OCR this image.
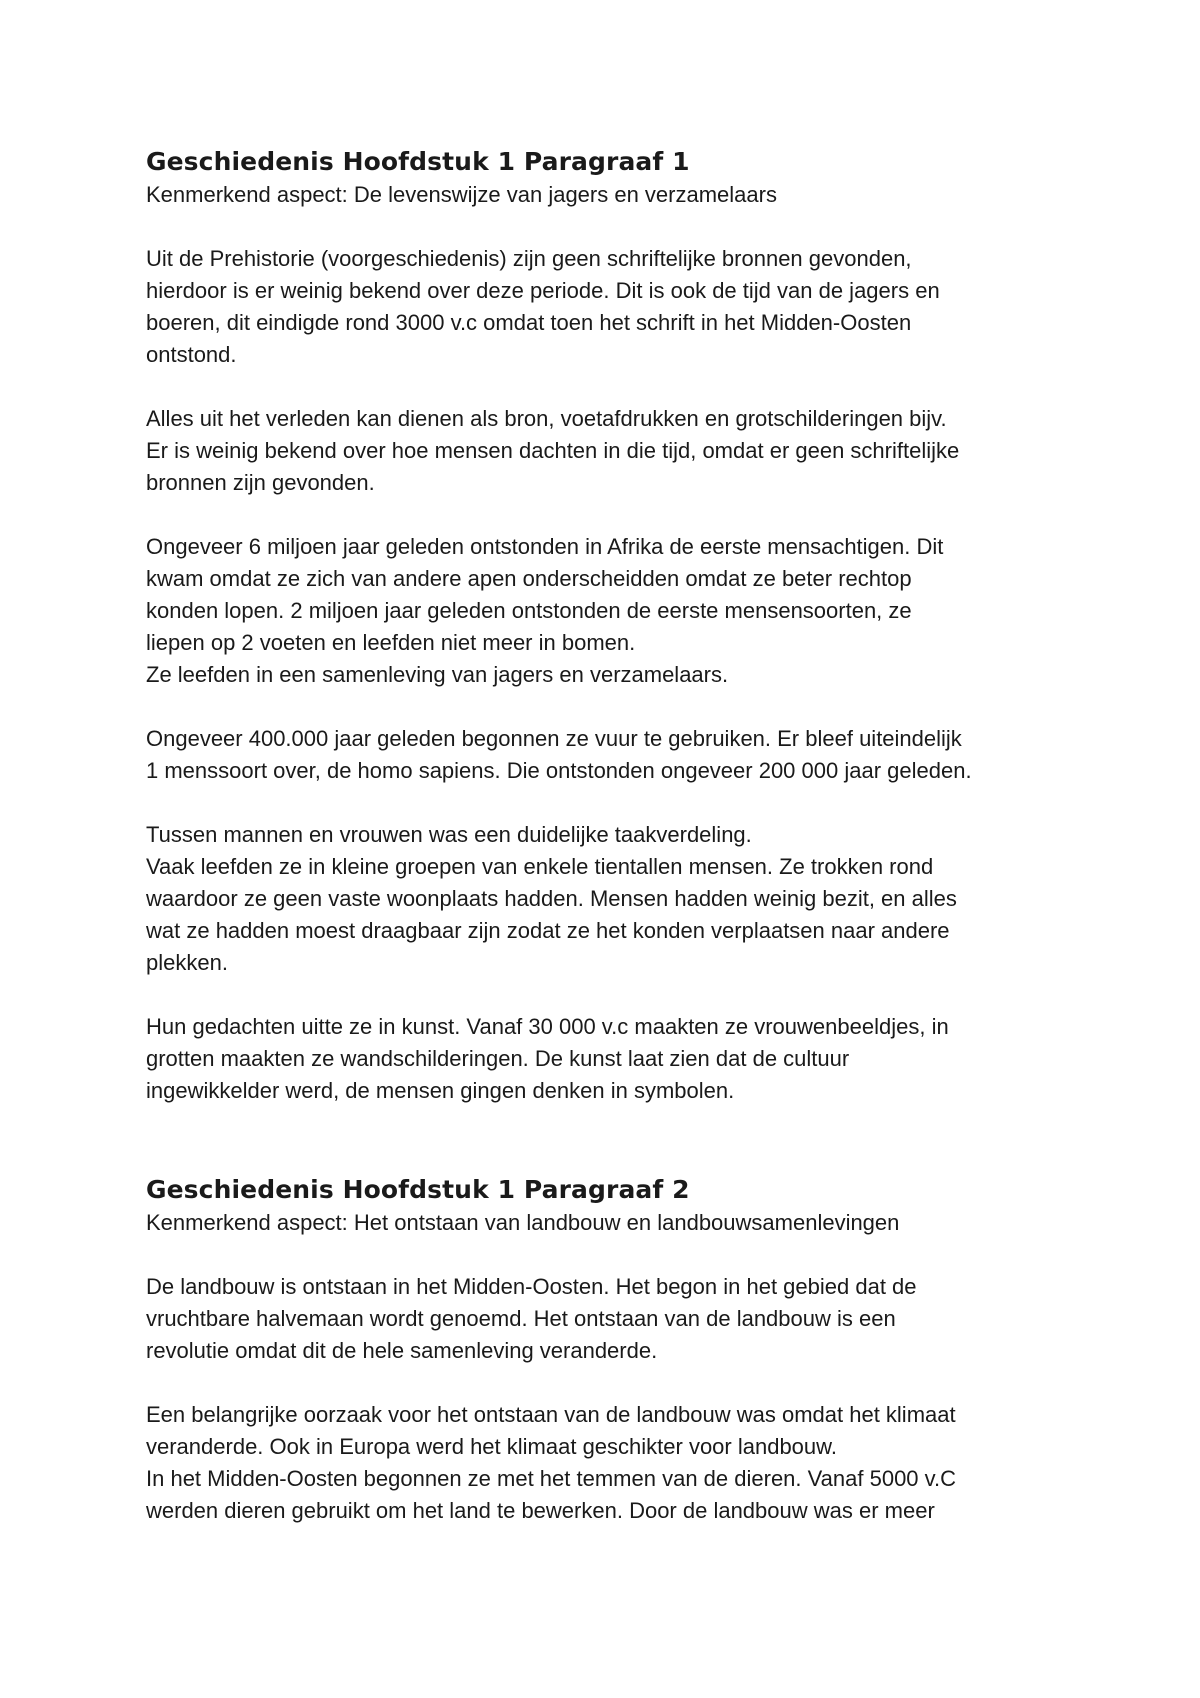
Geschiedenis Hoofdstuk 1 Paragraaf 1

Kenmerkend aspect: De levenswijze van jagers en verzamelaars

Uit de Prehistorie (voorgeschiedenis) zijn geen schriftelijke bronnen gevonden,
hierdoor is er weinig bekend over deze periode. Dit is ook de tijd van de jagers en
boeren, dit eindigde rond 3000 v.c omdat toen het schrift in het Midden-Oosten
ontstond.

Alles uit het verleden kan dienen als bron, voetafdrukken en grotschilderingen bijv.
Er is weinig bekend over hoe mensen dachten in die tijd, omdat er geen schriftelijke
bronnen zijn gevonden.

Ongeveer 6 miljoen jaar geleden ontstonden in Afrika de eerste mensachtigen. Dit
kwam omdat ze zich van andere apen onderscheidden omdat ze beter rechtop
konden lopen. 2 miljoen jaar geleden ontstonden de eerste mensensoorten, ze
liepen op 2 voeten en leefden niet meer in bomen.
Ze leefden in een samenleving van jagers en verzamelaars.

Ongeveer 400.000 jaar geleden begonnen ze vuur te gebruiken. Er bleef uiteindelijk
1 menssoort over, de homo sapiens. Die ontstonden ongeveer 200 000 jaar geleden.

Tussen mannen en vrouwen was een duidelijke taakverdeling.
Vaak leefden ze in kleine groepen van enkele tientallen mensen. Ze trokken rond
waardoor ze geen vaste woonplaats hadden. Mensen hadden weinig bezit, en alles
wat ze hadden moest draagbaar zijn zodat ze het konden verplaatsen naar andere
plekken.

Hun gedachten uitte ze in kunst. Vanaf 30 000 v.c maakten ze vrouwenbeeldjes, in
grotten maakten ze wandschilderingen. De kunst laat zien dat de cultuur
ingewikkelder werd, de mensen gingen denken in symbolen.

Geschiedenis Hoofdstuk 1 Paragraaf 2

Kenmerkend aspect: Het ontstaan van landbouw en landbouwsamenlevingen

De landbouw is ontstaan in het Midden-Oosten. Het begon in het gebied dat de
vruchtbare halvemaan wordt genoemd. Het ontstaan van de landbouw is een
revolutie omdat dit de hele samenleving veranderde.

Een belangrijke oorzaak voor het ontstaan van de landbouw was omdat het klimaat
veranderde. Ook in Europa werd het klimaat geschikter voor landbouw.
In het Midden-Oosten begonnen ze met het temmen van de dieren. Vanaf 5000 v.C
werden dieren gebruikt om het land te bewerken. Door de landbouw was er meer
